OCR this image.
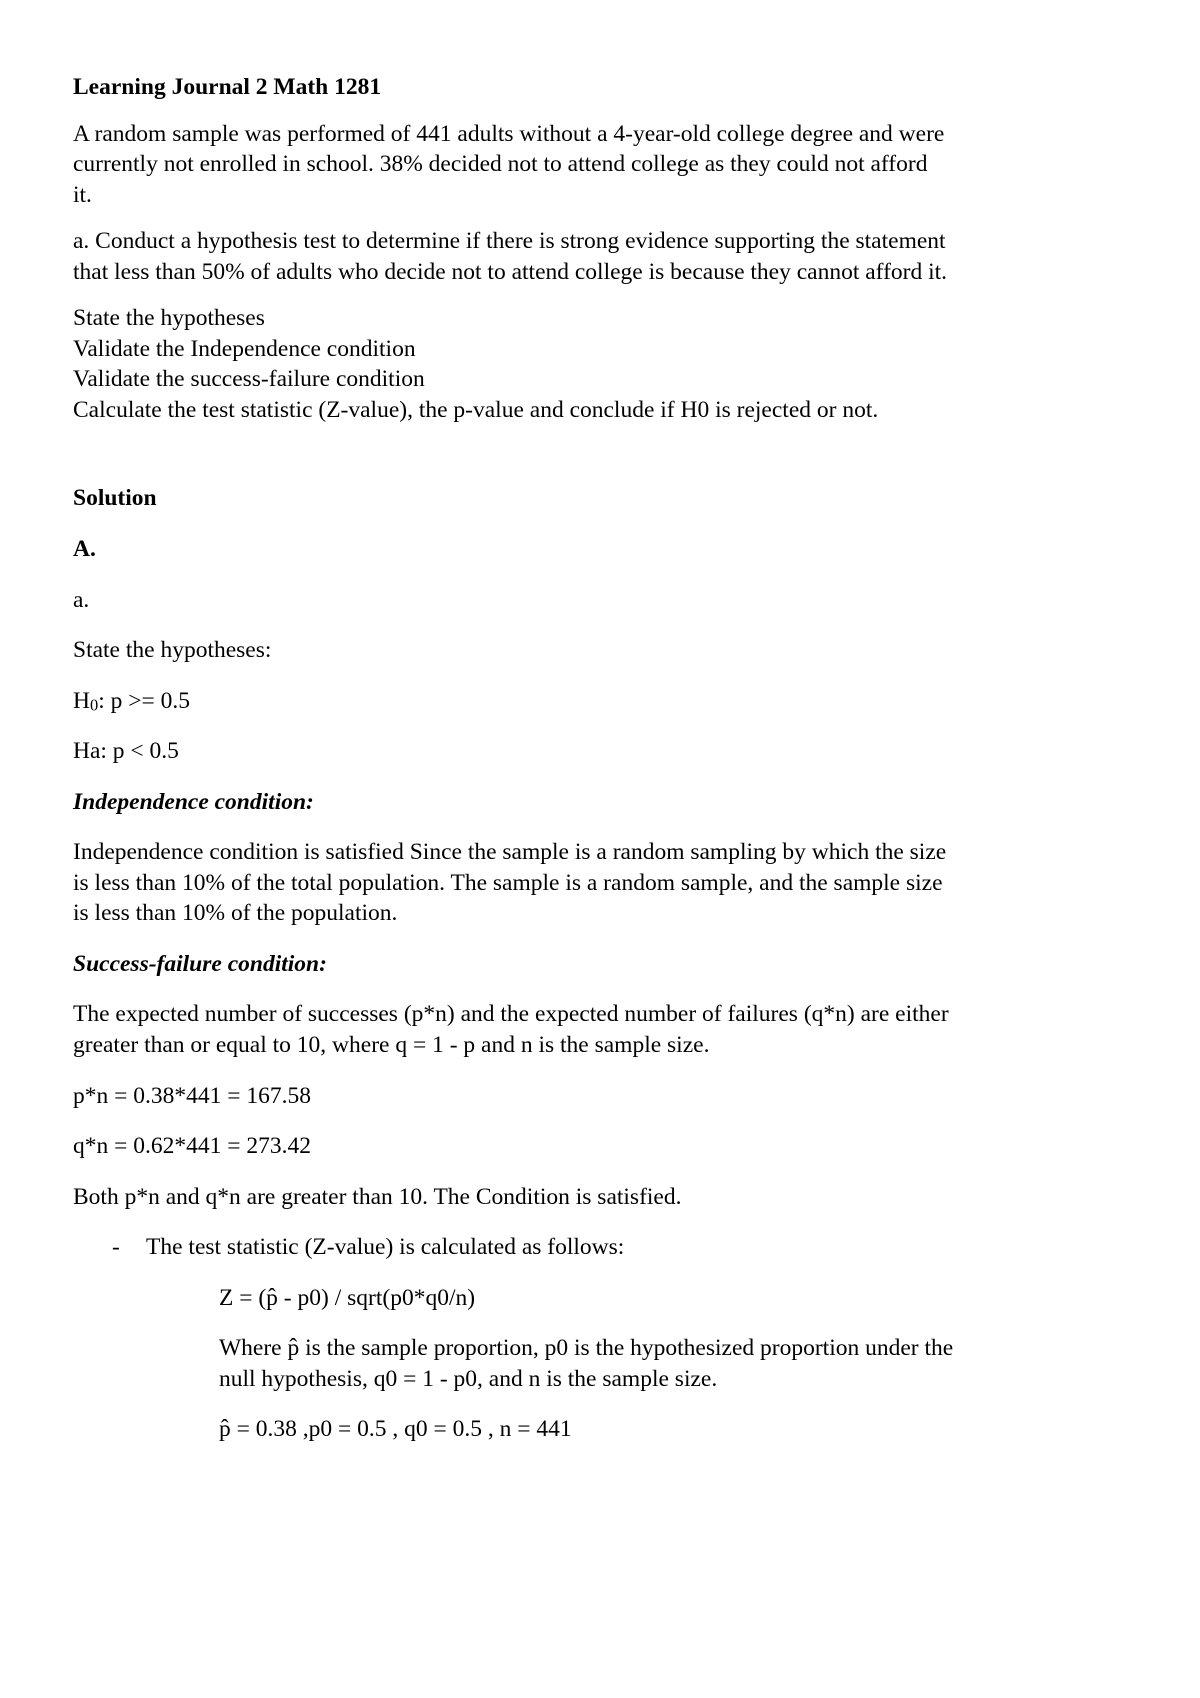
Learning Journal 2 Math 1281
A random sample was performed of 441 adults without a 4-year-old college degree and were
currently not enrolled in school. 38% decided not to attend college as they could not afford
it.
a. Conduct a hypothesis test to determine if there is strong evidence supporting the statement
that less than 50% of adults who decide not to attend college is because they cannot afford it.
State the hypotheses
Validate the Independence condition
Validate the success-failure condition
Calculate the test statistic (Z-value), the p-value and conclude if H0 is rejected or not.
Solution
A.
a.
State the hypotheses:
$H_0$: p >= 0.5
Ha: p < 0.5
Independence condition:
Independence condition is satisfied Since the sample is a random sampling by which the size
is less than 10% of the total population. The sample is a random sample, and the sample size
is less than 10% of the population.
Success-failure condition:
The expected number of successes (p*n) and the expected number of failures (q*n) are either
greater than or equal to 10, where q = 1 - p and n is the sample size.
p*n = 0.38*441 = 167.58
q*n = 0.62*441 = 273.42
Both p*n and q*n are greater than 10. The Condition is satisfied.
- The test statistic (Z-value) is calculated as follows:
Z = (p̂ - p0) / sqrt(p0*q0/n)
Where p̂ is the sample proportion, p0 is the hypothesized proportion under the
null hypothesis, q0 = 1 - p0, and n is the sample size.
p̂ = 0.38 ,p0 = 0.5 , q0 = 0.5 , n = 441
